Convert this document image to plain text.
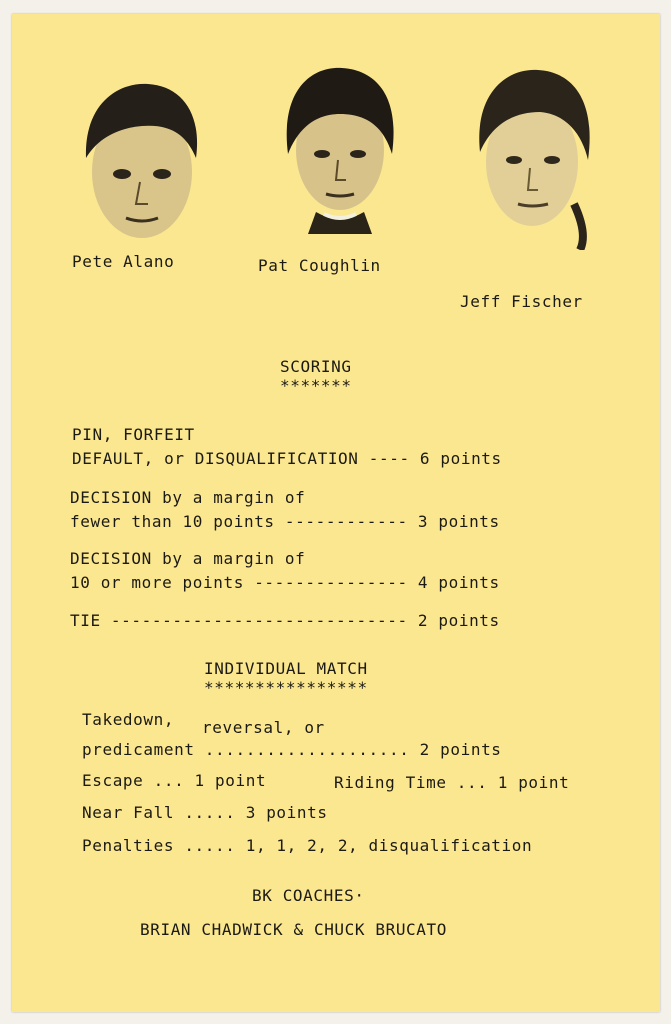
Pete Alano	Pat Coughlin
Jeff Fischer
SCORING
*******
PIN, FORFEIT
DEFAULT, or DISQUALIFICATION ---- 6 points
DECISION by a margin of
fewer than 10 points ------------ 3 points
DECISION by a margin of
10 or more points --------------- 4 points
TIE ----------------------------- 2 points
INDIVIDUAL MATCH
****************
Takedown, reversal, or
predicament .................... 2 points
Escape ... 1 point	Riding Time ... 1 point
Near Fall ..... 3 points
Penalties ..... 1, 1, 2, 2, disqualification
BK COACHES·
BRIAN CHADWICK & CHUCK BRUCATO
